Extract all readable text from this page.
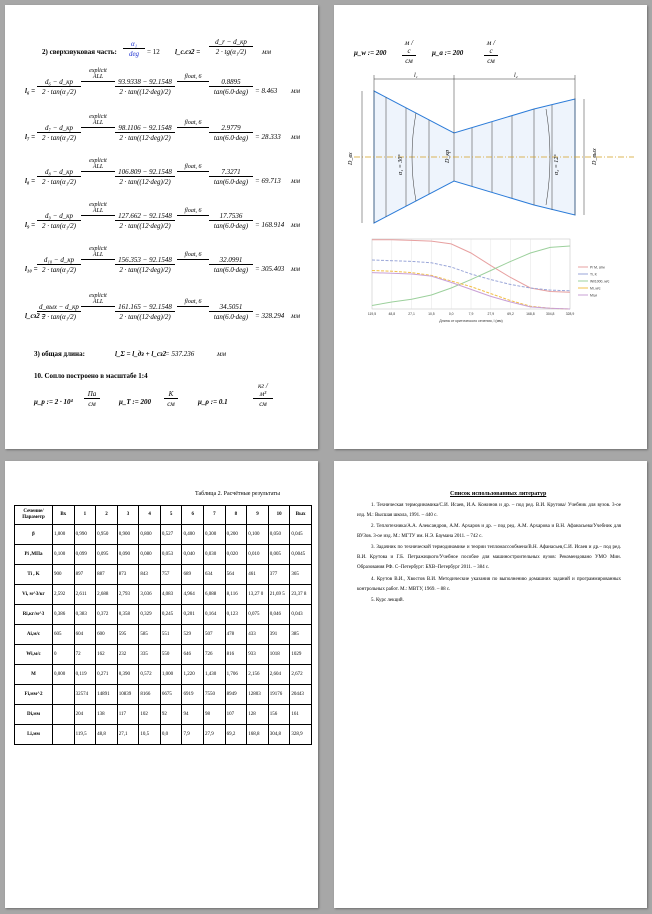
2) сверхзвуковая часть:
α₁
deg	= 12 l_c.сз2 =
d_r − d_кр
2 · tg(α₁/2)	мм
l₆ =
d₆ − d_кр
2 · tan(α₁/2)
explicit
ALL
93.9338 − 92.1548
2 · tan((12·deg)/2)
float, 6
0.8895
tan(6.0·deg) = 8.463 мм
l₇ =
d₇ − d_кр
2 · tan(α₁/2)
explicit
ALL
98.1106 − 92.1548
2 · tan((12·deg)/2)
float, 6
2.9779
tan(6.0·deg) = 28.333 мм
l₈ =
d₈ − d_кр
2 · tan(α₁/2)
explicit
ALL
106.809 − 92.1548
2 · tan((12·deg)/2)
float, 6
7.3271
tan(6.0·deg) = 69.713 мм
l₉ =
d₉ − d_кр
2 · tan(α₁/2)
explicit
ALL
127.662 − 92.1548
2 · tan((12·deg)/2)
float, 6
17.7536
tan(6.0·deg) = 168.914 мм
l₁₀ =
d₁₀ − d_кр
2 · tan(α₁/2)
explicit
ALL
156.353 − 92.1548
2 · tan((12·deg)/2)
float, 6
32.0991
tan(6.0·deg) = 305.403 мм
l_сз2 =
d_вых − d_кр
2 · tan(α₁/2)
explicit
ALL
161.165 − 92.1548
2 · tan((12·deg)/2)
float, 6
34.5051
tan(6.0·deg) = 328.294 мм
3) общая длина:	l_Σ = l_дз + l_сз2
= 537.236	мм
10. Сопло построено в масштабе 1:4
μ_p := 2 · 10⁴
Па
см	μ_T := 200
K
см	μ_ρ := 0.1
кг / м³
см
μ_w := 200
м / с
см
μ_a := 200
м / с
см
l₁	l₂
D_вх	D_кр	D_вых
α₁ = 30°	α₂ = 12°
119,5	48,8	27,1	10,5	0,0	7,9	27,9	69,2	168,8	304,8	328,9
Длина от критического сечения, l (мм)
P/ M, атм
Ti, K
Wi/1000, м/с
Mi, м/с
Mi,м
Таблица 2. Расчётные результаты
Сечение/ Параметр	Вх	1	2	3	4	5	6	7	8	9	10	Вых
β	1,000	0,990	0,950	0,900	0,800	0,527	0,400	0,300	0,200	0,100	0,050	0,045
Pi ,МПа	0,100	0,099	0,095	0,090	0,080	0,053	0,040	0,030	0,020	0,010	0,005	0,0045
Ti , K	900	897	887	873	843	757	689	634	564	461	377	365
Vi, м^3/кг	2,592	2,611	2,688	2,793	3,036	4,083	4,964	6,088	8,116	13,27 0	21,69 5	23,37 8
Ri,кг/м^3	0,386	0,383	0,372	0,358	0,329	0,245	0,201	0,164	0,123	0,075	0,046	0,043
Ai,м/с	605	604	600	595	585	551	529	507	478	433	391	385
Wi,м/с	0	72	162	232	335	550	646	726	816	933	1018	1029
M	0,000	0,119	0,271	0,390	0,572	1,000	1,220	1,430	1,706	2,156	2,604	2,672
Fi,мм^2		32574	14891	10839	8166	6675	6919	7550	8949	12803	19176	20443
Di,мм		204	138	117	102	92	94	98	107	128	156	161
Li,мм		119,5	48,8	27,1	10,5	0,0	7,9	27,9	69,2	168,8	304,8	328,9
Список использованных литератур
1. Техническая термодинамика/С.И. Исаев, И.А. Кожинов и др. – под ред. В.И. Крутова/ Учебник для вузов. 3-ое изд. М.: Высшая школа, 1991. – 440 с.
2. Теплотехника/А.А. Александров, А.М. Архаров и др. – под ред. А.М. Архарова и В.Н. Афанасьева/Учебник для ВУЗов. 3-ое изд. М.: МГТУ им. Н.Э. Баумана 2011. – 742 с.
3. Задачник по технической термодинамике и теории тепломассообмена/В.Н. Афанасьев,С.И. Исаев и др.– под ред. В.И. Крутова и Г.Б. Петражицкого/Учебное пособие для машиностроительных вузов: Рекомендовано УМО Мин. Образования РФ. С–Петербург: БХВ–Петербург 2011. – 384 с.
4. Крутов В.И., Хвостов В.И. Методические указания по выполнению домашних заданий и программированных контрольных работ. М.: МВТУ, 1969. – 88 с.
5. Курс лекций.
